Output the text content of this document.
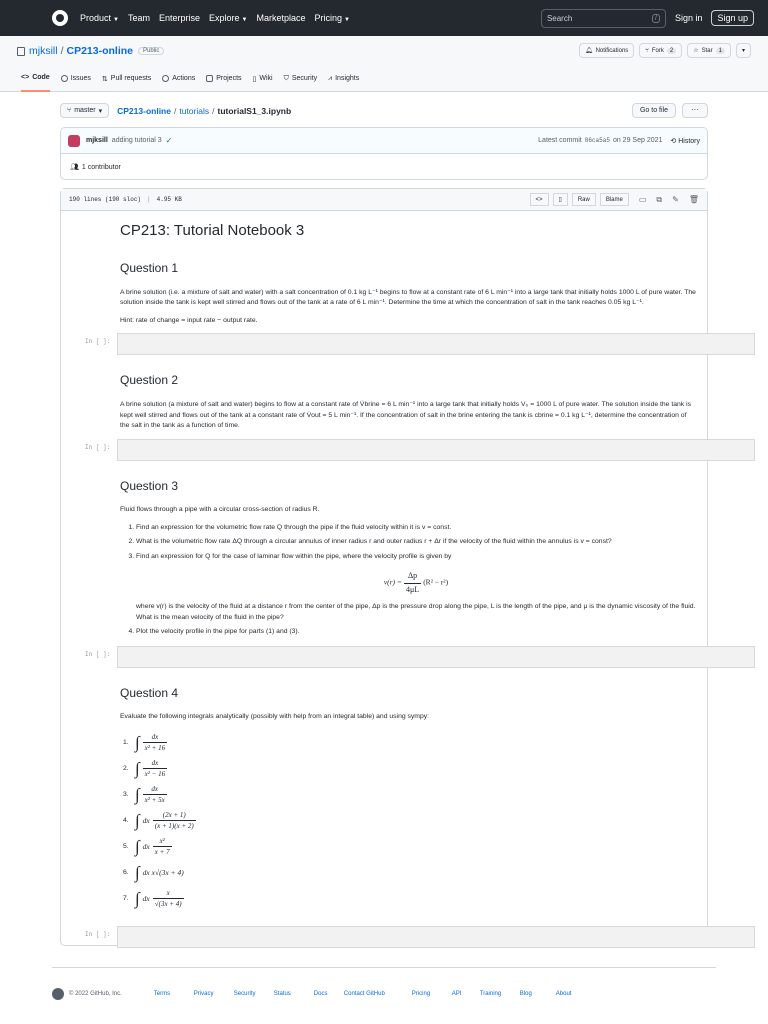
Product ▼ Team Enterprise Explore ▼ Marketplace Pricing ▼	Search	/	Sign in	Sign up
mjksill / CP213-online	Public	🔔︎ Notifications	⑂ Fork	2	☆ Star	1	▾
<> Code	Issues ⇅ Pull requests	Actions	Projects ▯ Wiki ⛉ Security ⩘ Insights
⑂ master ▾ CP213-online / tutorials / tutorialS1_3.ipynb	Go to file	···
mjksill adding tutorial 3 ✓	Latest commit 86ca5a5 on 29 Sep 2021 ⟲ History
👥︎ 1 contributor
190 lines (190 sloc) | 4.95 KB	<>	▯	Raw	Blame	▭ ⧉ ✎ 🗑︎
CP213: Tutorial Notebook 3
Question 1

A brine solution (i.e. a mixture of salt and water) with a salt concentration of 0.1 kg L⁻¹ begins to flow at a constant rate of 6 L min⁻¹ into a large tank that initially holds 1000 L of pure water. The solution inside the tank is kept well stirred and flows out of the tank at a rate of 6 L min⁻¹. Determine the time at which the concentration of salt in the tank reaches 0.05 kg L⁻¹.

Hint: rate of change = input rate − output rate.

In [ ]:
Question 2

A brine solution (a mixture of salt and water) begins to flow at a constant rate of V̇brine = 6 L min⁻¹ into a large tank that initially holds V₀ = 1000 L of pure water. The solution inside the tank is kept well stirred and flows out of the tank at a constant rate of V̇out = 5 L min⁻¹. If the concentration of salt in the brine entering the tank is cbrine = 0.1 kg L⁻¹, determine the concentration of the salt in the tank as a function of time.

In [ ]:
Question 3

Fluid flows through a pipe with a circular cross-section of radius R.

1. Find an expression for the volumetric flow rate Q through the pipe if the fluid velocity within it is v = const.
2. What is the volumetric flow rate ΔQ through a circular annulus of inner radius r and outer radius r + Δr if the velocity of the fluid within the annulus is v = const?
3. Find an expression for Q for the case of laminar flow within the pipe, where the velocity profile is given by
$v(r) = \frac{\Delta p}{4\mu L} (R^2 - r^2)$
where v(r) is the velocity of the fluid at a distance r from the center of the pipe, Δp is the pressure drop along the pipe, L is the length of the pipe, and μ is the dynamic viscosity of the fluid. What is the mean velocity of the fluid in the pipe?
4. Plot the velocity profile in the pipe for parts (1) and (3).
In [ ]:
Question 4

Evaluate the following integrals analytically (possibly with help from an integral table) and using sympy:

1. ∫ $\frac{dx}{\text{x² + 16}}$
2. ∫ $\frac{dx}{\text{x² − 16}}$
3. ∫ $\frac{dx}{\text{x² + 5x}}$
4. ∫ dx $\frac{(2x + 1)}{(x + 1)(x + 2)}$
5. ∫ dx $\frac{\text{x²}}{x + 7}$
6. ∫ dx x√(3x + 4)
7. ∫ dx $\frac{x}{√(3x + 4)}$
In [ ]:
© 2022 GitHub, Inc.	Terms	Privacy	Security	Status	Docs	Contact GitHub	Pricing	API	Training	Blog	About
